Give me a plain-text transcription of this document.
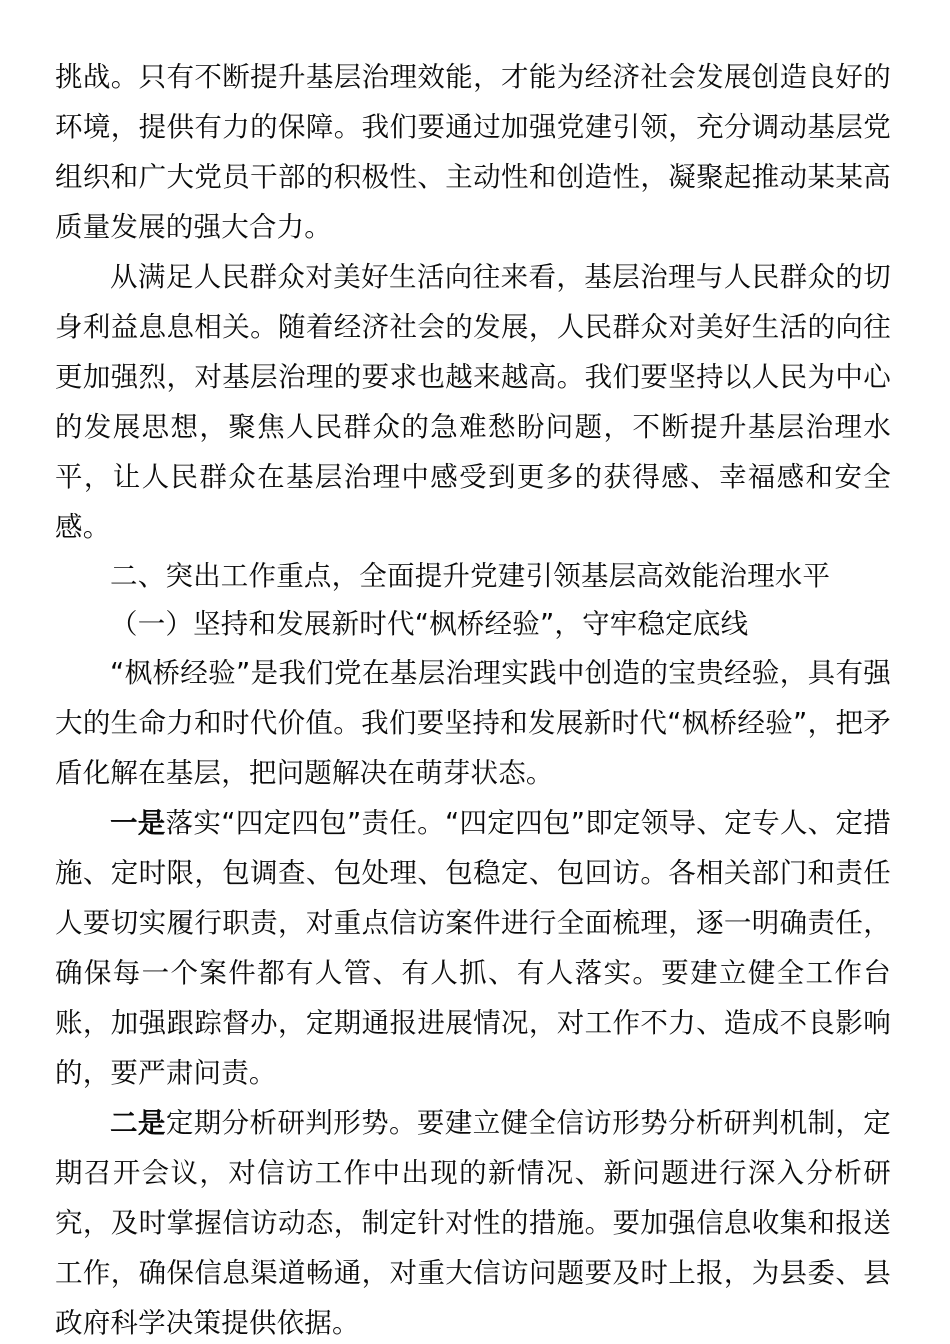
挑战。只有不断提升基层治理效能，才能为经济社会发展创造良好的环境，提供有力的保障。我们要通过加强党建引领，充分调动基层党组织和广大党员干部的积极性、主动性和创造性，凝聚起推动某某高质量发展的强大合力。

从满足人民群众对美好生活向往来看，基层治理与人民群众的切身利益息息相关。随着经济社会的发展，人民群众对美好生活的向往更加强烈，对基层治理的要求也越来越高。我们要坚持以人民为中心的发展思想，聚焦人民群众的急难愁盼问题，不断提升基层治理水平，让人民群众在基层治理中感受到更多的获得感、幸福感和安全感。

二、突出工作重点，全面提升党建引领基层高效能治理水平

（一）坚持和发展新时代“枫桥经验”，守牢稳定底线

“枫桥经验”是我们党在基层治理实践中创造的宝贵经验，具有强大的生命力和时代价值。我们要坚持和发展新时代“枫桥经验”，把矛盾化解在基层，把问题解决在萌芽状态。

一是落实“四定四包”责任。“四定四包”即定领导、定专人、定措施、定时限，包调查、包处理、包稳定、包回访。各相关部门和责任人要切实履行职责，对重点信访案件进行全面梳理，逐一明确责任，确保每一个案件都有人管、有人抓、有人落实。要建立健全工作台账，加强跟踪督办，定期通报进展情况，对工作不力、造成不良影响的，要严肃问责。

二是定期分析研判形势。要建立健全信访形势分析研判机制，定期召开会议，对信访工作中出现的新情况、新问题进行深入分析研究，及时掌握信访动态，制定针对性的措施。要加强信息收集和报送工作，确保信息渠道畅通，对重大信访问题要及时上报，为县委、县政府科学决策提供依据。
